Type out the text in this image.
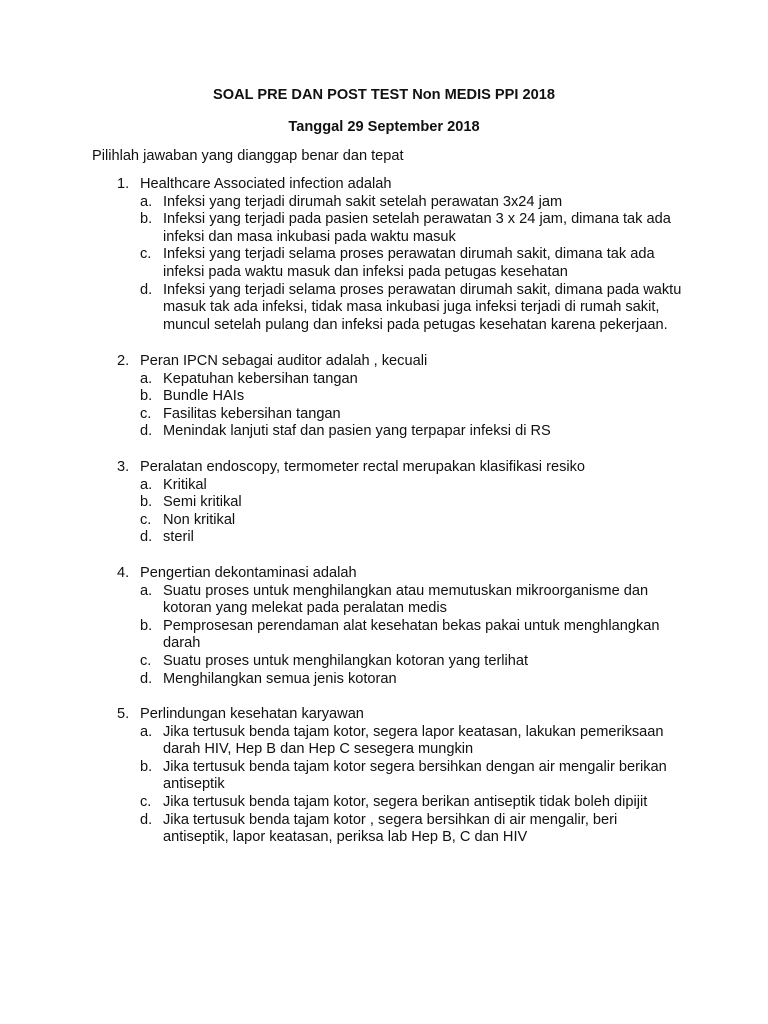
SOAL PRE DAN POST TEST Non MEDIS PPI 2018

Tanggal 29 September 2018

Pilihlah jawaban yang dianggap benar dan tepat

1. Healthcare Associated infection adalah
a. Infeksi yang terjadi dirumah sakit setelah perawatan 3x24 jam
b. Infeksi yang terjadi pada pasien setelah perawatan 3 x 24 jam, dimana tak ada infeksi dan masa inkubasi pada waktu masuk
c. Infeksi yang terjadi selama proses perawatan dirumah sakit, dimana tak ada infeksi pada waktu masuk dan infeksi pada petugas kesehatan
d. Infeksi yang terjadi selama proses perawatan dirumah sakit, dimana pada waktu masuk tak ada infeksi, tidak masa inkubasi juga infeksi terjadi di rumah sakit, muncul setelah pulang dan infeksi pada petugas kesehatan karena pekerjaan.
2. Peran IPCN sebagai auditor adalah , kecuali
a. Kepatuhan kebersihan tangan
b. Bundle HAIs
c. Fasilitas kebersihan tangan
d. Menindak lanjuti staf dan pasien yang terpapar infeksi di RS
3. Peralatan endoscopy, termometer rectal merupakan klasifikasi resiko
a. Kritikal
b. Semi kritikal
c. Non kritikal
d. steril
4. Pengertian dekontaminasi adalah
a. Suatu proses untuk menghilangkan atau memutuskan mikroorganisme dan kotoran yang melekat pada peralatan medis
b. Pemprosesan perendaman alat kesehatan bekas pakai untuk menghlangkan darah
c. Suatu proses untuk menghilangkan kotoran yang terlihat
d. Menghilangkan semua jenis kotoran
5. Perlindungan kesehatan karyawan
a. Jika tertusuk benda tajam kotor, segera lapor keatasan, lakukan pemeriksaan darah HIV, Hep B dan Hep C sesegera mungkin
b. Jika tertusuk benda tajam kotor segera bersihkan dengan air mengalir berikan antiseptik
c. Jika tertusuk benda tajam kotor, segera berikan antiseptik tidak boleh dipijit
d. Jika tertusuk benda tajam kotor , segera bersihkan di air mengalir, beri antiseptik, lapor keatasan, periksa lab Hep B, C dan HIV
